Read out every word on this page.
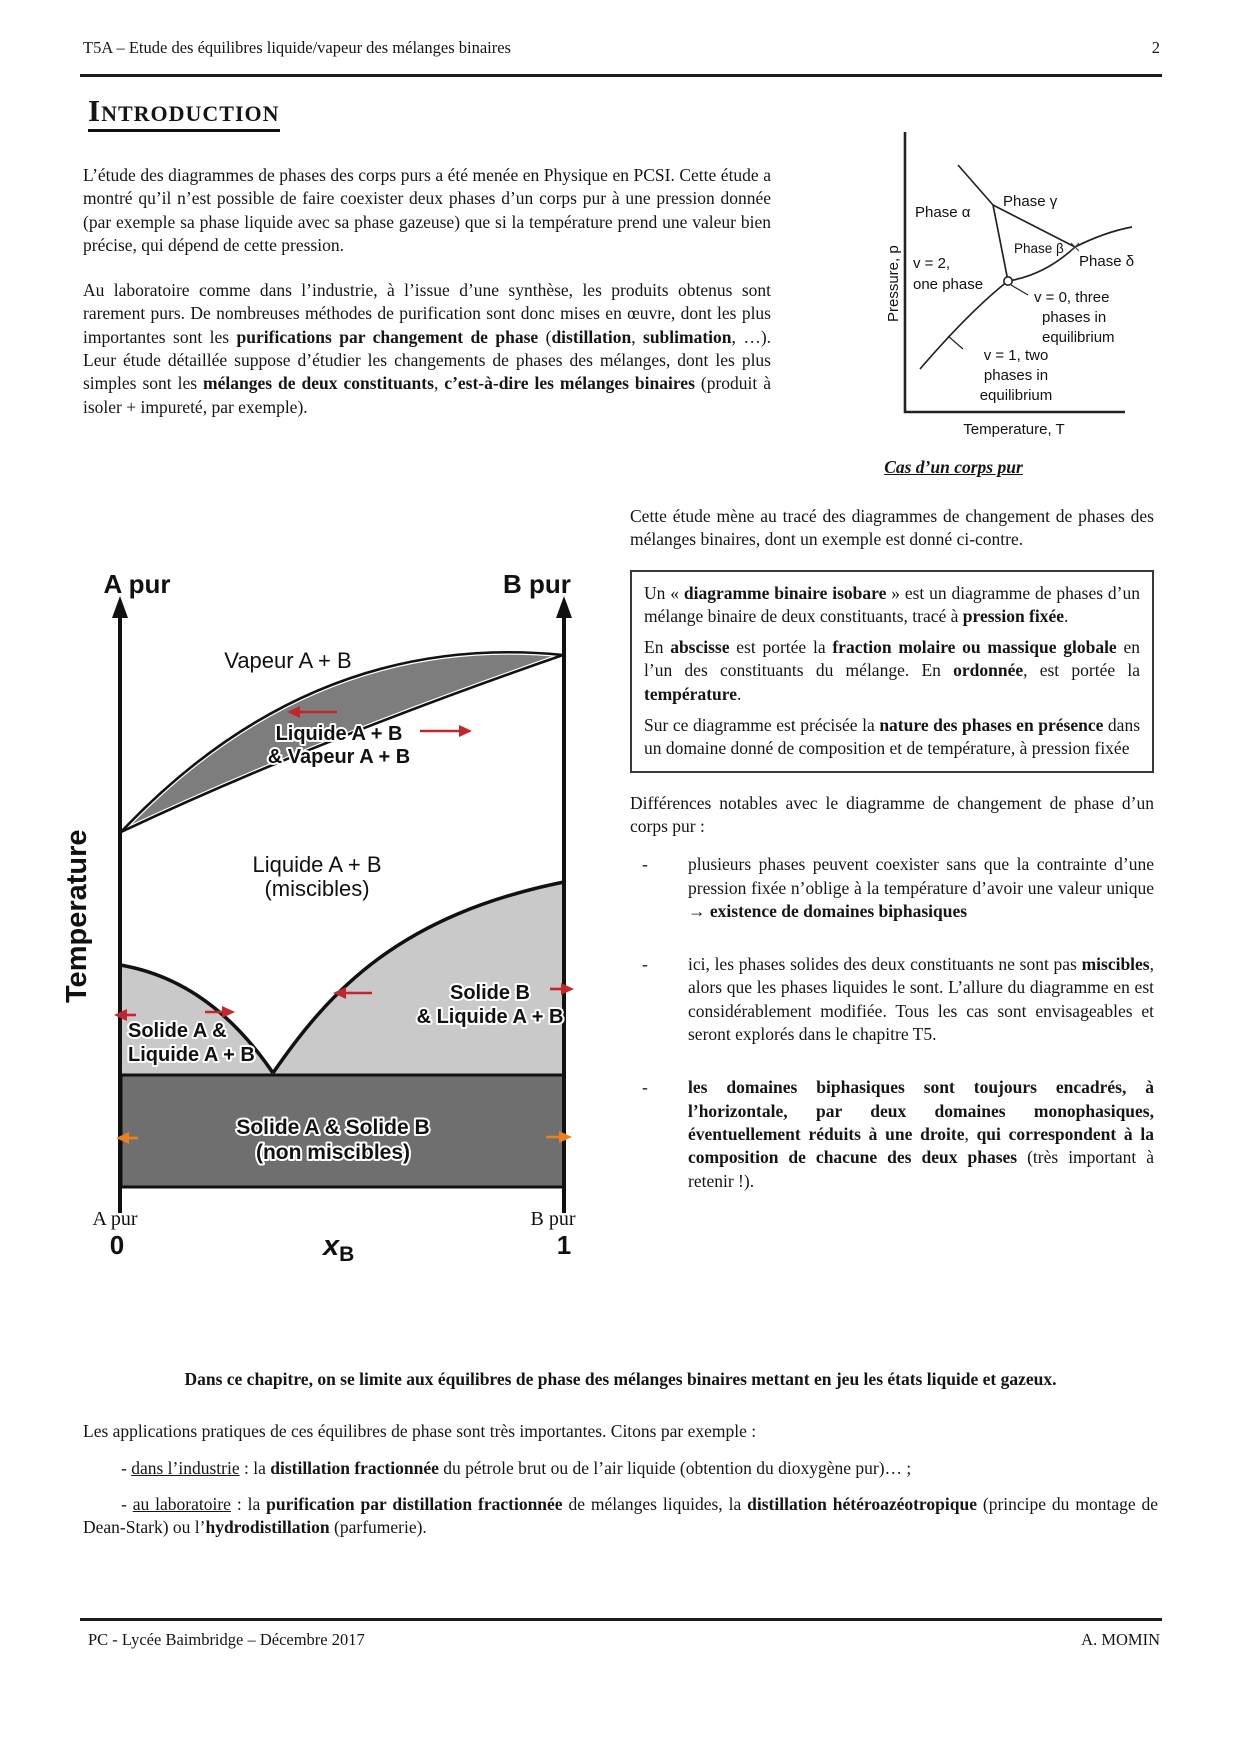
T5A – Etude des équilibres liquide/vapeur des mélanges binaires	2
Introduction

L’étude des diagrammes de phases des corps purs a été menée en Physique en PCSI. Cette étude a montré qu’il n’est possible de faire coexister deux phases d’un corps pur à une pression donnée (par exemple sa phase liquide avec sa phase gazeuse) que si la température prend une valeur bien précise, qui dépend de cette pression.

Au laboratoire comme dans l’industrie, à l’issue d’une synthèse, les produits obtenus sont rarement purs. De nombreuses méthodes de purification sont donc mises en œuvre, dont les plus importantes sont les purifications par changement de phase (distillation, sublimation, …). Leur étude détaillée suppose d’étudier les changements de phases des mélanges, dont les plus simples sont les mélanges de deux constituants, c’est-à-dire les mélanges binaires (produit à isoler + impureté, par exemple).

Phase α
Phase γ
Phase β
Phase δ
v = 2,
one phase
v = 0, three
phases in
equilibrium
v = 1, two
phases in
equilibrium
Temperature, T
Pressure, p
Cas d’un corps pur
A pur	B pur
Vapeur A + B
Liquide A + B
& Vapeur A + B
Liquide A + B
(miscibles)
Solide B
& Liquide A + B
Solide A &
Liquide A + B
Solide A & Solide B
(non miscibles)
Temperature
A pur
0
B pur
1
xB

Cette étude mène au tracé des diagrammes de changement de phases des mélanges binaires, dont un exemple est donné ci-contre.

Un « diagramme binaire isobare » est un diagramme de phases d’un mélange binaire de deux constituants, tracé à pression fixée.

En abscisse est portée la fraction molaire ou massique globale en l’un des constituants du mélange. En ordonnée, est portée la température.

Sur ce diagramme est précisée la nature des phases en présence dans un domaine donné de composition et de température, à pression fixée

Différences notables avec le diagramme de changement de phase d’un corps pur :

- plusieurs phases peuvent coexister sans que la contrainte d’une pression fixée n’oblige à la température d’avoir une valeur unique → existence de domaines biphasiques

- ici, les phases solides des deux constituants ne sont pas miscibles, alors que les phases liquides le sont. L’allure du diagramme en est considérablement modifiée. Tous les cas sont envisageables et seront explorés dans le chapitre T5.

- les domaines biphasiques sont toujours encadrés, à l’horizontale, par deux domaines monophasiques, éventuellement réduits à une droite, qui correspondent à la composition de chacune des deux phases (très important à retenir !).

Dans ce chapitre, on se limite aux équilibres de phase des mélanges binaires mettant en jeu les états liquide et gazeux.

Les applications pratiques de ces équilibres de phase sont très importantes. Citons par exemple :

- dans l’industrie : la distillation fractionnée du pétrole brut ou de l’air liquide (obtention du dioxygène pur)… ;

- au laboratoire : la purification par distillation fractionnée de mélanges liquides, la distillation hétéroazéotropique (principe du montage de Dean-Stark) ou l’hydrodistillation (parfumerie).

PC - Lycée Baimbridge – Décembre 2017	A. MOMIN
